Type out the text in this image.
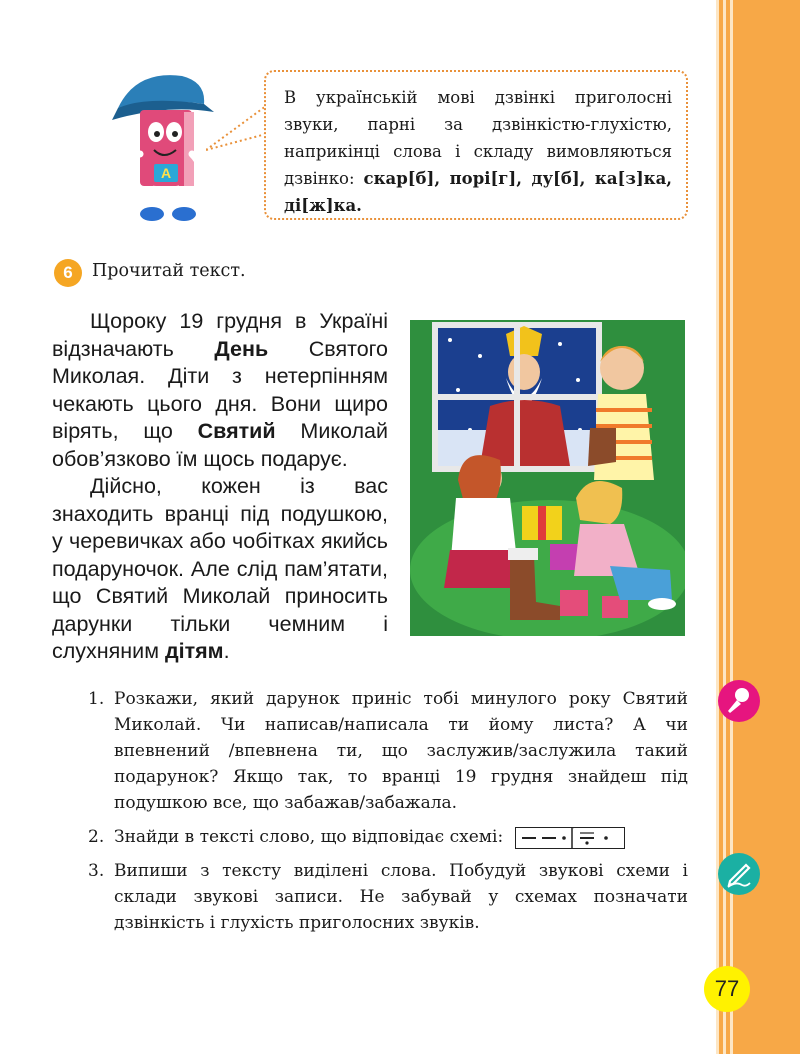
А
В українській мові дзвінкі приголосні звуки, парні за дзвінкістю-глухістю, наприкінці слова і складу вимовляються дзвінко: скар[б], порі[г], ду[б], ка[з]ка, ді[ж]ка.
6	Прочитай текст.

Щороку 19 грудня в Україні відзначають День Святого Миколая. Діти з нетерпінням чекають цього дня. Вони щиро вірять, що Святий Миколай обов’язково їм щось подарує.

Дійсно, кожен із вас знаходить вранці під подушкою, у черевичках або чобітках якийсь подаруночок. Але слід пам’ятати, що Святий Миколай приносить дарунки тільки чемним і слухняним дітям.

1. Розкажи, який дарунок приніс тобі минулого року Святий Миколай. Чи написав/написала ти йому листа? А чи впевнений /впевнена ти, що заслужив/заслужила такий подарунок? Якщо так, то вранці 19 грудня знайдеш під подушкою все, що забажав/забажала.
2. Знайди в тексті слово, що відповідає схемі:
3. Випиши з тексту виділені слова. Побудуй звукові схеми і склади звукові записи. Не забувай у схемах позначати дзвінкість і глухість приголосних звуків.
77
